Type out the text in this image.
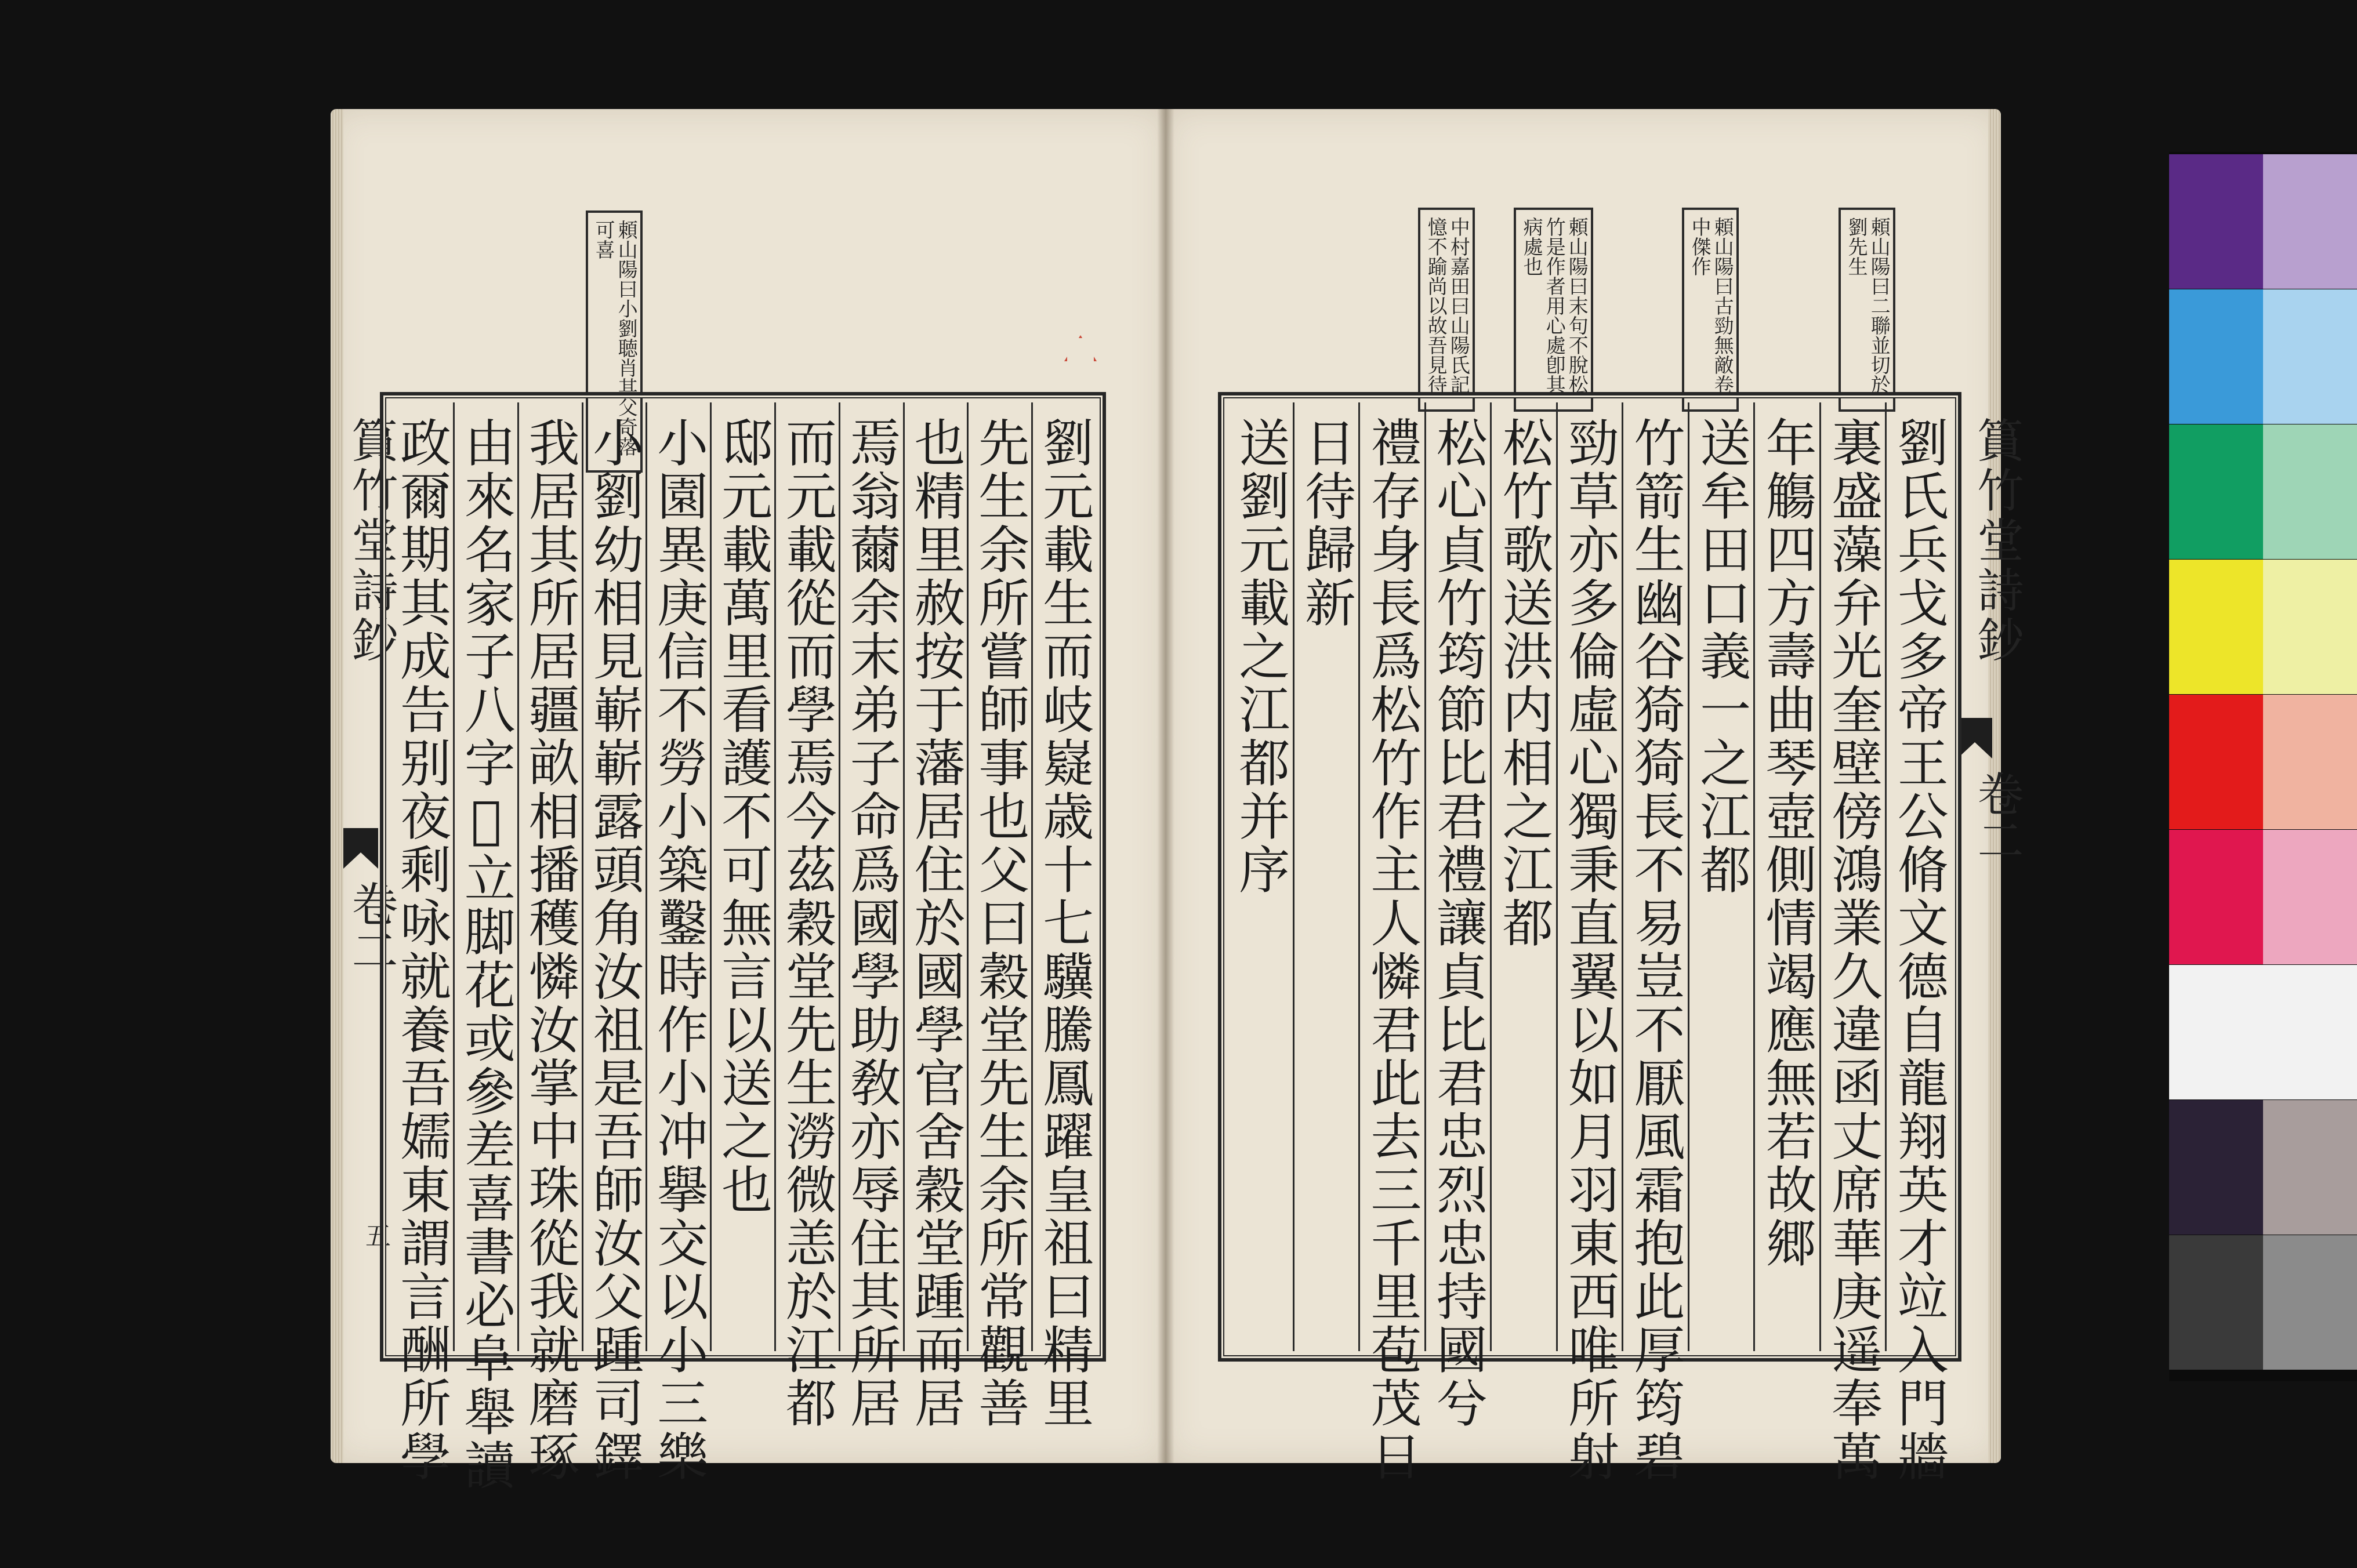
頼山陽曰小劉聴肖其父奇落可喜
篔竹堂詩鈔
卷二
五	劉元載生而岐嶷歳十七驥騰鳳躍皇祖曰精里
先生余所嘗師事也父曰穀堂先生余所常觀善
也精里赦按于藩居住於國學官舍穀堂踵而居
焉翁薾余末弟子命爲國學助敎亦辱住其所居
而元載從而學焉今茲穀堂先生澇微恙於江都
邸元載萬里看護不可無言以送之也
小園異庚信不勞小築鑿時作小冲擧交以小三樂
小劉幼相見嶄嶄露頭角汝祖是吾師汝父踵司鐸
我居其所居疆畝相播穫憐汝掌中珠從我就磨琢
由來名家子八字𤼵立脚花或參差喜書必阜舉讀
政爾期其成告别夜剩咏就養吾嬬東謂言酬所學
頼山陽曰二聯並切於劉先生
頼山陽曰古勁無敵卷中傑作
頼山陽曰末句不脫松竹是作者用心處卽其病處也
中村嘉田曰山陽氏記憶不踰尚以故吾見待
篔竹堂詩鈔
卷二
劉氏兵戈多帝王公脩文德自龍翔英才竝入門牆
裏盛藻弁光奎壁傍鴻業久違函丈席華庚遥奉萬
年觴四方壽曲琴壺側情竭應無若故郷
送牟田口義一之江都
竹箭生幽谷猗猗長不易豈不厭風霜抱此厚筠碧
勁草亦多倫虛心獨秉直翼以如月羽東西唯所射
松竹歌送洪内相之江都
松心貞竹筠節比君禮讓貞比君忠烈忠持國兮
禮存身長爲松竹作主人憐君此去三千里苞茂日
日待歸新
送劉元載之江都并序
